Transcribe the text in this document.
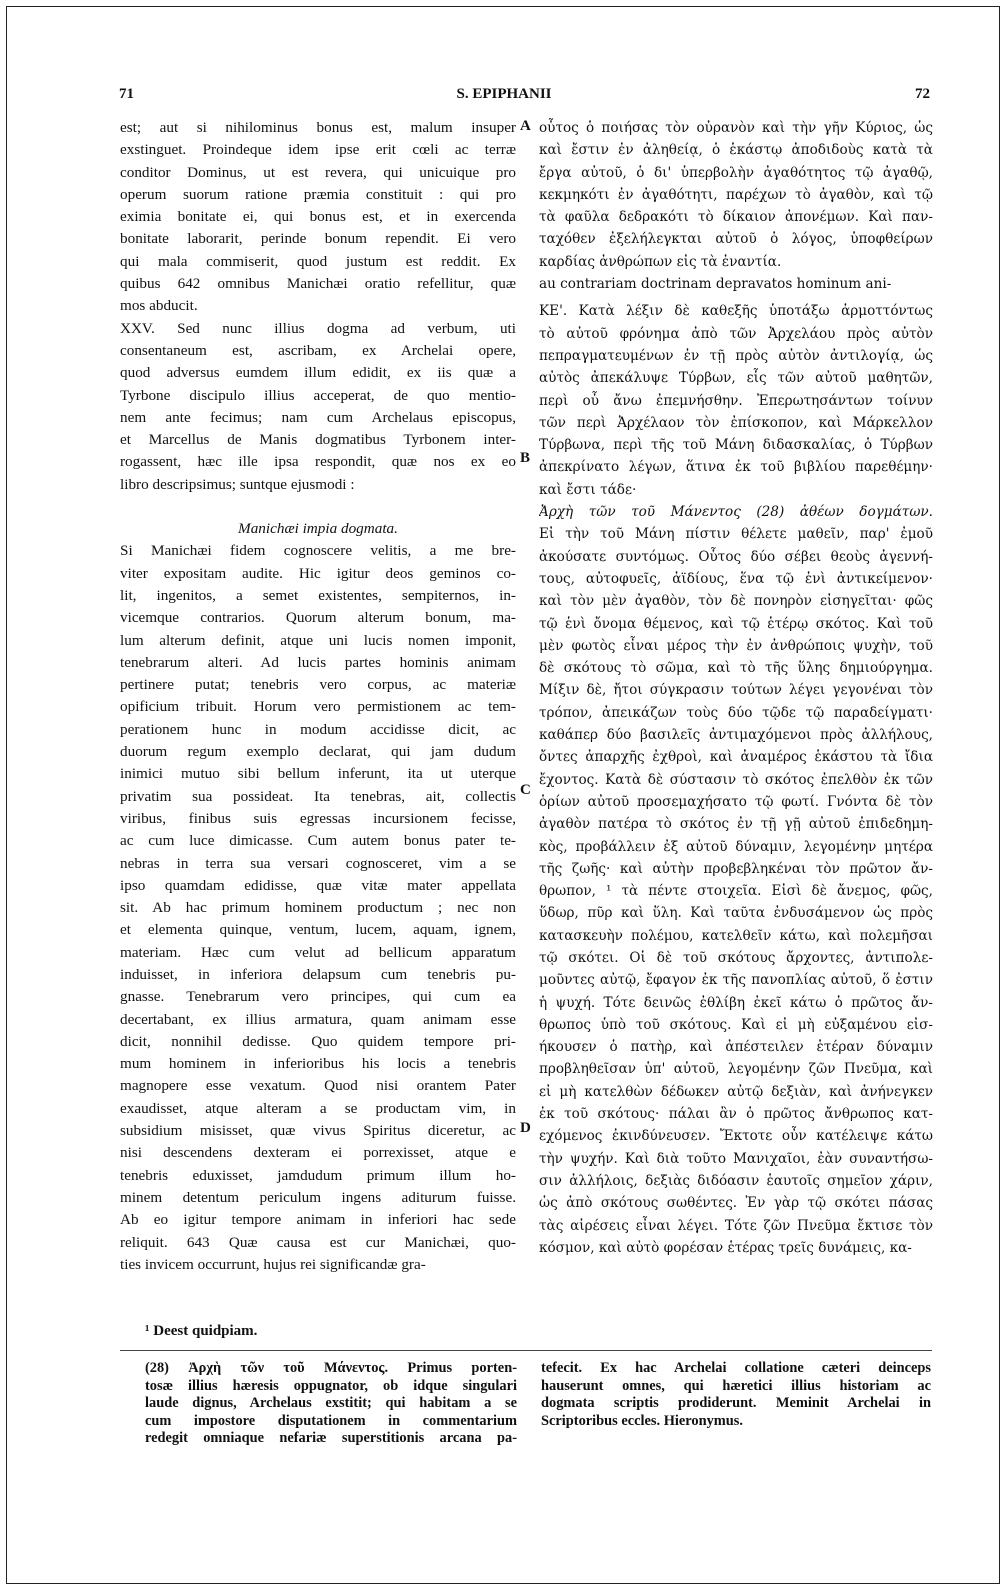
71	S. EPIPHANII	72
A
B
C
D
est; aut si nihilominus bonus est, malum insuper
exstinguet. Proindeque idem ipse erit cœli ac terræ
conditor Dominus, ut est revera, qui unicuique pro
operum suorum ratione præmia constituit : qui pro
eximia bonitate ei, qui bonus est, et in exercenda
bonitate laborarit, perinde bonum rependit. Ei vero
qui mala commiserit, quod justum est reddit. Ex
quibus 642 omnibus Manichæi oratio refellitur, quæ
mos abducit.
XXV. Sed nunc illius dogma ad verbum, uti
consentaneum est, ascribam, ex Archelai opere,
quod adversus eumdem illum edidit, ex iis quæ a
Tyrbone discipulo illius acceperat, de quo mentio-
nem ante fecimus; nam cum Archelaus episcopus,
et Marcellus de Manis dogmatibus Tyrbonem inter-
rogassent, hæc ille ipsa respondit, quæ nos ex eo
libro descripsimus; suntque ejusmodi :
Manichæi impia dogmata.
Si Manichæi fidem cognoscere velitis, a me bre-
viter expositam audite. Hic igitur deos geminos co-
lit, ingenitos, a semet existentes, sempiternos, in-
vicemque contrarios. Quorum alterum bonum, ma-
lum alterum definit, atque uni lucis nomen imponit,
tenebrarum alteri. Ad lucis partes hominis animam
pertinere putat; tenebris vero corpus, ac materiæ
opificium tribuit. Horum vero permistionem ac tem-
perationem hunc in modum accidisse dicit, ac
duorum regum exemplo declarat, qui jam dudum
inimici mutuo sibi bellum inferunt, ita ut uterque
privatim sua possideat. Ita tenebras, ait, collectis
viribus, finibus suis egressas incursionem fecisse,
ac cum luce dimicasse. Cum autem bonus pater te-
nebras in terra sua versari cognosceret, vim a se
ipso quamdam edidisse, quæ vitæ mater appellata
sit. Ab hac primum hominem productum ; nec non
et elementa quinque, ventum, lucem, aquam, ignem,
materiam. Hæc cum velut ad bellicum apparatum
induisset, in inferiora delapsum cum tenebris pu-
gnasse. Tenebrarum vero principes, qui cum ea
decertabant, ex illius armatura, quam animam esse
dicit, nonnihil dedisse. Quo quidem tempore pri-
mum hominem in inferioribus his locis a tenebris
magnopere esse vexatum. Quod nisi orantem Pater
exaudisset, atque alteram a se productam vim, in
subsidium misisset, quæ vivus Spiritus diceretur, ac
nisi descendens dexteram ei porrexisset, atque e
tenebris eduxisset, jamdudum primum illum ho-
minem detentum periculum ingens aditurum fuisse.
Ab eo igitur tempore animam in inferiori hac sede
reliquit. 643 Quæ causa est cur Manichæi, quo-
ties invicem occurrunt, hujus rei significandæ gra-
οὗτος ὁ ποιήσας τὸν οὐρανὸν καὶ τὴν γῆν Κύριος, ὡς
καὶ ἔστιν ἐν ἀληθείᾳ, ὁ ἑκάστῳ ἀποδιδοὺς κατὰ τὰ
ἔργα αὐτοῦ, ὁ δι' ὑπερβολὴν ἀγαθότητος τῷ ἀγαθῷ,
κεκμηκότι ἐν ἀγαθότητι, παρέχων τὸ ἀγαθὸν, καὶ τῷ
τὰ φαῦλα δεδρακότι τὸ δίκαιον ἀπονέμων. Καὶ παν-
ταχόθεν ἐξελήλεγκται αὐτοῦ ὁ λόγος, ὑποφθείρων
καρδίας ἀνθρώπων εἰς τὰ ἐναντία.
au contrariam doctrinam depravatos hominum ani-
ΚΕ'. Κατὰ λέξιν δὲ καθεξῆς ὑποτάξω ἁρμοττόντως
τὸ αὐτοῦ φρόνημα ἀπὸ τῶν Ἀρχελάου πρὸς αὐτὸν
πεπραγματευμένων ἐν τῇ πρὸς αὐτὸν ἀντιλογίᾳ, ὡς
αὐτὸς ἀπεκάλυψε Τύρβων, εἷς τῶν αὐτοῦ μαθητῶν,
περὶ οὗ ἄνω ἐπεμνήσθην. Ἐπερωτησάντων τοίνυν
τῶν περὶ Ἀρχέλαον τὸν ἐπίσκοπον, καὶ Μάρκελλον
Τύρβωνα, περὶ τῆς τοῦ Μάνη διδασκαλίας, ὁ Τύρβων
ἀπεκρίνατο λέγων, ἅτινα ἐκ τοῦ βιβλίου παρεθέμην·
καὶ ἔστι τάδε·
Ἀρχὴ τῶν τοῦ Μάνεντος (28) ἀθέων δογμάτων.
Εἰ τὴν τοῦ Μάνη πίστιν θέλετε μαθεῖν, παρ' ἐμοῦ
ἀκούσατε συντόμως. Οὗτος δύο σέβει θεοὺς ἀγεννή-
τους, αὐτοφυεῖς, ἀϊδίους, ἕνα τῷ ἑνὶ ἀντικείμενον·
καὶ τὸν μὲν ἀγαθὸν, τὸν δὲ πονηρὸν εἰσηγεῖται· φῶς
τῷ ἑνὶ ὄνομα θέμενος, καὶ τῷ ἑτέρῳ σκότος. Καὶ τοῦ
μὲν φωτὸς εἶναι μέρος τὴν ἐν ἀνθρώποις ψυχὴν, τοῦ
δὲ σκότους τὸ σῶμα, καὶ τὸ τῆς ὕλης δημιούργημα.
Μίξιν δὲ, ἤτοι σύγκρασιν τούτων λέγει γεγονέναι τὸν
τρόπον, ἀπεικάζων τοὺς δύο τῷδε τῷ παραδείγματι·
καθάπερ δύο βασιλεῖς ἀντιμαχόμενοι πρὸς ἀλλήλους,
ὄντες ἀπαρχῆς ἐχθροὶ, καὶ ἀναμέρος ἑκάστου τὰ ἴδια
ἔχοντος. Κατὰ δὲ σύστασιν τὸ σκότος ἐπελθὸν ἐκ τῶν
ὁρίων αὐτοῦ προσεμαχήσατο τῷ φωτί. Γνόντα δὲ τὸν
ἀγαθὸν πατέρα τὸ σκότος ἐν τῇ γῇ αὐτοῦ ἐπιδεδημη-
κὸς, προβάλλειν ἐξ αὐτοῦ δύναμιν, λεγομένην μητέρα
τῆς ζωῆς· καὶ αὐτὴν προβεβληκέναι τὸν πρῶτον ἄν-
θρωπον, ¹ τὰ πέντε στοιχεῖα. Εἰσὶ δὲ ἄνεμος, φῶς,
ὕδωρ, πῦρ καὶ ὕλη. Καὶ ταῦτα ἐνδυσάμενον ὡς πρὸς
κατασκευὴν πολέμου, κατελθεῖν κάτω, καὶ πολεμῆσαι
τῷ σκότει. Οἱ δὲ τοῦ σκότους ἄρχοντες, ἀντιπολε-
μοῦντες αὐτῷ, ἔφαγον ἐκ τῆς πανοπλίας αὐτοῦ, ὅ ἐστιν
ἡ ψυχή. Τότε δεινῶς ἐθλίβη ἐκεῖ κάτω ὁ πρῶτος ἄν-
θρωπος ὑπὸ τοῦ σκότους. Καὶ εἰ μὴ εὐξαμένου εἰσ-
ήκουσεν ὁ πατὴρ, καὶ ἀπέστειλεν ἑτέραν δύναμιν
προβληθεῖσαν ὑπ' αὐτοῦ, λεγομένην ζῶν Πνεῦμα, καὶ
εἰ μὴ κατελθὼν δέδωκεν αὐτῷ δεξιὰν, καὶ ἀνήνεγκεν
ἐκ τοῦ σκότους· πάλαι ἂν ὁ πρῶτος ἄνθρωπος κατ-
εχόμενος ἐκινδύνευσεν. Ἔκτοτε οὖν κατέλειψε κάτω
τὴν ψυχήν. Καὶ διὰ τοῦτο Μανιχαῖοι, ἐὰν συναντήσω-
σιν ἀλλήλοις, δεξιὰς διδόασιν ἑαυτοῖς σημεῖον χάριν,
ὡς ἀπὸ σκότους σωθέντες. Ἐν γὰρ τῷ σκότει πάσας
τὰς αἱρέσεις εἶναι λέγει. Τότε ζῶν Πνεῦμα ἔκτισε τὸν
κόσμον, καὶ αὐτὸ φορέσαν ἑτέρας τρεῖς δυνάμεις, κα-
¹ Deest quidpiam.
(28) Ἀρχὴ τῶν τοῦ Μάνεντος. Primus porten-
tosæ illius hæresis oppugnator, ob idque singulari
laude dignus, Archelaus exstitit; qui habitam a se
cum impostore disputationem in commentarium
redegit omniaque nefariæ superstitionis arcana pa-
tefecit. Ex hac Archelai collatione cæteri deinceps
hauserunt omnes, qui hæretici illius historiam ac
dogmata scriptis prodiderunt. Meminit Archelai in
Scriptoribus eccles. Hieronymus.
